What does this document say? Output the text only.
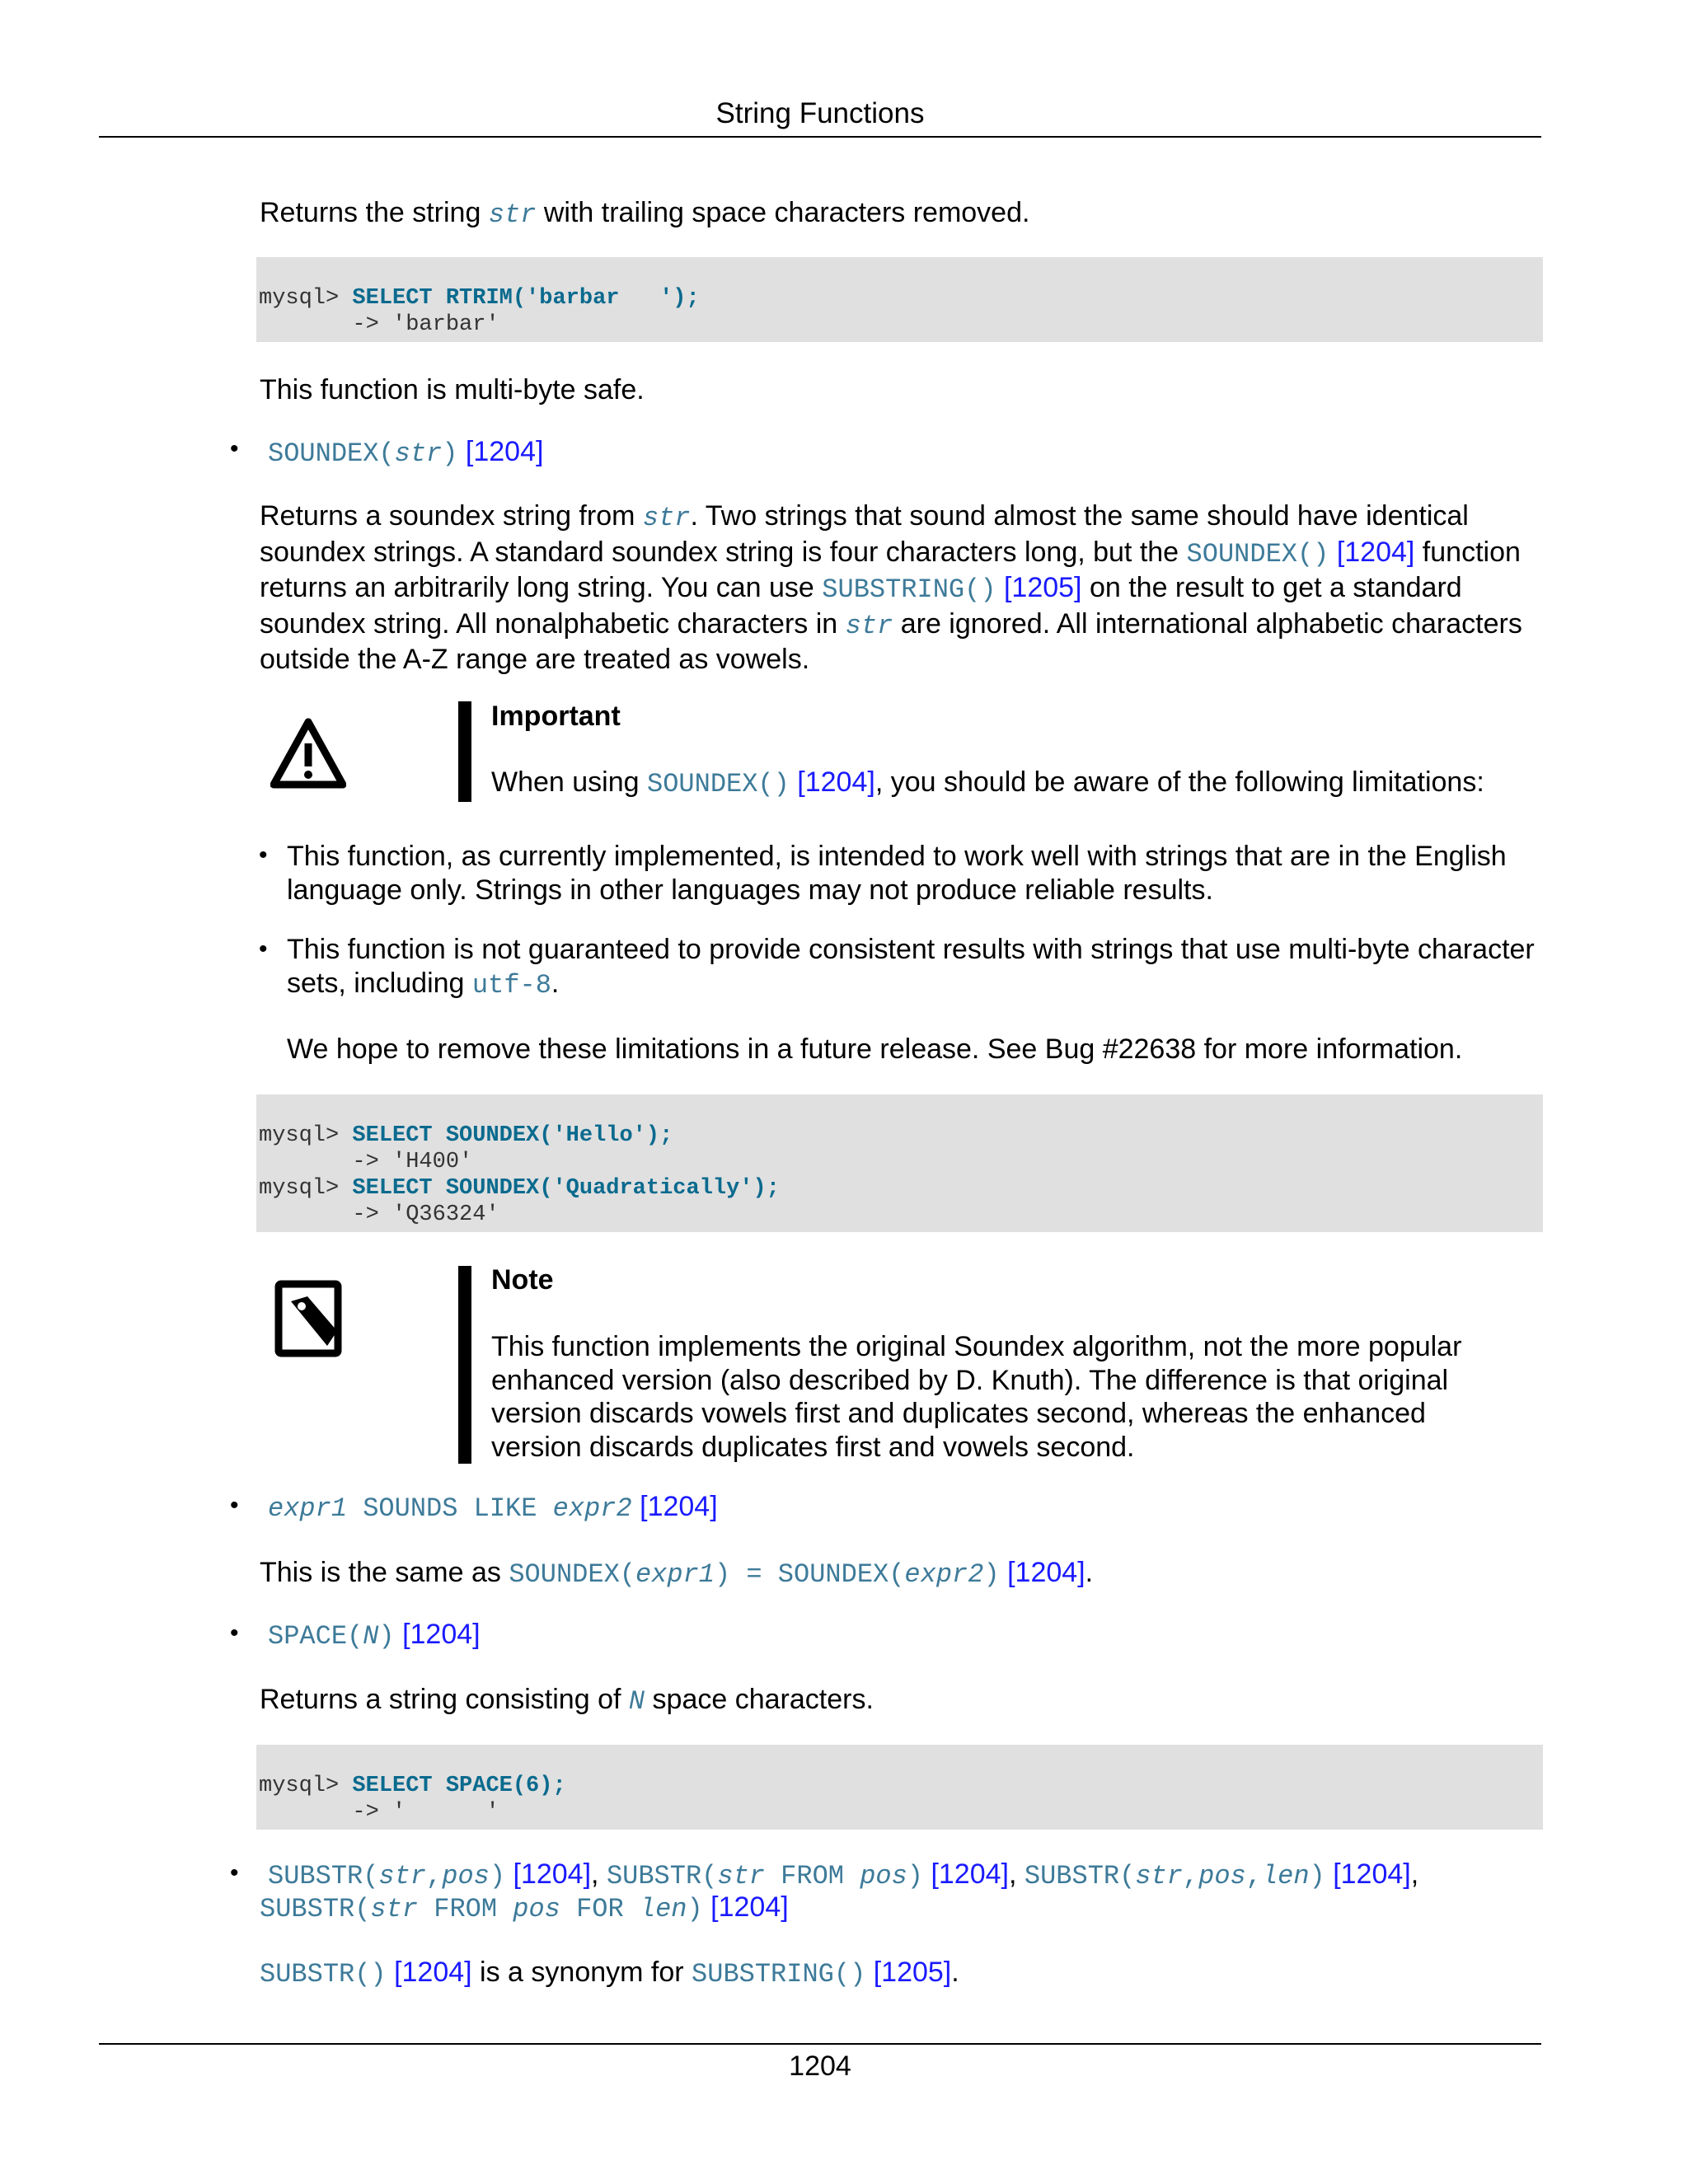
String Functions
Returns the string str with trailing space characters removed.
mysql> SELECT RTRIM('barbar   ');
-> 'barbar'
This function is multi-byte safe.
• SOUNDEX(str) [1204]
Returns a soundex string from str. Two strings that sound almost the same should have identical
soundex strings. A standard soundex string is four characters long, but the SOUNDEX() [1204] function
returns an arbitrarily long string. You can use SUBSTRING() [1205] on the result to get a standard
soundex string. All nonalphabetic characters in str are ignored. All international alphabetic characters
outside the A-Z range are treated as vowels.
Important
When using SOUNDEX() [1204], you should be aware of the following limitations:
• This function, as currently implemented, is intended to work well with strings that are in the English
language only. Strings in other languages may not produce reliable results.
• This function is not guaranteed to provide consistent results with strings that use multi-byte character
sets, including utf-8.
We hope to remove these limitations in a future release. See Bug #22638 for more information.
mysql> SELECT SOUNDEX('Hello');
-> 'H400'
mysql> SELECT SOUNDEX('Quadratically');
-> 'Q36324'
Note
This function implements the original Soundex algorithm, not the more popular
enhanced version (also described by D. Knuth). The difference is that original
version discards vowels first and duplicates second, whereas the enhanced
version discards duplicates first and vowels second.
• expr1 SOUNDS LIKE expr2 [1204]
This is the same as SOUNDEX(expr1) = SOUNDEX(expr2) [1204].
• SPACE(N) [1204]
Returns a string consisting of N space characters.
mysql> SELECT SPACE(6);
-> '      '
• SUBSTR(str,pos) [1204], SUBSTR(str FROM pos) [1204], SUBSTR(str,pos,len) [1204],
SUBSTR(str FROM pos FOR len) [1204]
SUBSTR() [1204] is a synonym for SUBSTRING() [1205].
1204
